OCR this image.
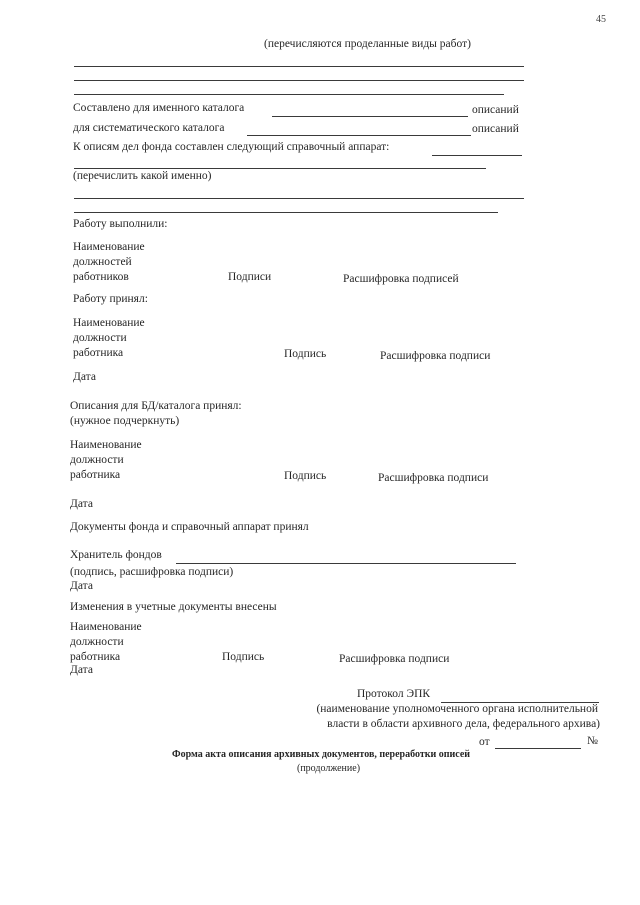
45
(перечисляются проделанные виды работ)
Составлено для именного каталога	описаний
для систематического каталога	описаний
К описям дел фонда составлен следующий справочный аппарат:
(перечислить какой именно)
Работу выполнили:
Наименование
должностей
работников	Подписи	Расшифровка подписей
Работу принял:
Наименование
должности
работника	Подпись	Расшифровка подписи
Дата
Описания для БД/каталога принял:
(нужное подчеркнуть)
Наименование
должности
работника	Подпись	Расшифровка подписи
Дата
Документы фонда и справочный аппарат принял
Хранитель фондов
(подпись, расшифровка подписи)
Дата
Изменения в учетные документы внесены
Наименование
должности
работника	Подпись	Расшифровка подписи
Дата
Протокол ЭПК
(наименование уполномоченного органа исполнительной
власти в области архивного дела, федерального архива)
от	№
Форма акта описания архивных документов, переработки описей
(продолжение)
